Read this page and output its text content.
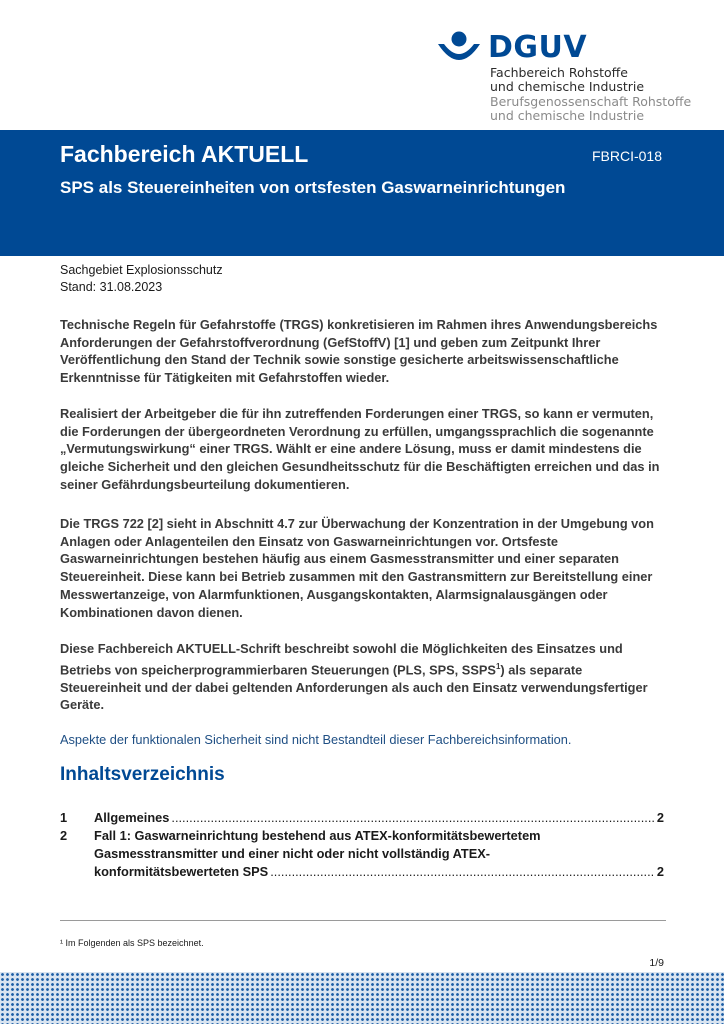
DGUV
Fachbereich Rohstoffe
und chemische Industrie
Berufsgenossenschaft Rohstoffe
und chemische Industrie
Fachbereich AKTUELL	FBRCI-018
SPS als Steuereinheiten von ortsfesten Gaswarneinrichtungen
Sachgebiet Explosionsschutz
Stand: 31.08.2023

Technische Regeln für Gefahrstoffe (TRGS) konkretisieren im Rahmen ihres Anwendungsbereichs Anforderungen der Gefahrstoffverordnung (GefStoffV) [1] und geben zum Zeitpunkt Ihrer Veröffentlichung den Stand der Technik sowie sonstige gesicherte arbeitswissenschaftliche Erkenntnisse für Tätigkeiten mit Gefahrstoffen wieder.

Realisiert der Arbeitgeber die für ihn zutreffenden Forderungen einer TRGS, so kann er vermuten, die Forderungen der übergeordneten Verordnung zu erfüllen, umgangssprachlich die sogenannte „Vermutungswirkung“ einer TRGS. Wählt er eine andere Lösung, muss er damit mindestens die gleiche Sicherheit und den gleichen Gesundheitsschutz für die Beschäftigten erreichen und das in seiner Gefährdungsbeurteilung dokumentieren.

Die TRGS 722 [2] sieht in Abschnitt 4.7 zur Überwachung der Konzentration in der Umgebung von Anlagen oder Anlagenteilen den Einsatz von Gaswarneinrichtungen vor. Ortsfeste Gaswarneinrichtungen bestehen häufig aus einem Gasmesstransmitter und einer separaten Steuereinheit. Diese kann bei Betrieb zusammen mit den Gastransmittern zur Bereitstellung einer Messwertanzeige, von Alarmfunktionen, Ausgangskontakten, Alarmsignalausgängen oder Kombinationen davon dienen.

Diese Fachbereich AKTUELL-Schrift beschreibt sowohl die Möglichkeiten des Einsatzes und Betriebs von speicherprogrammierbaren Steuerungen (PLS, SPS, SSPS$^1$) als separate Steuereinheit und der dabei geltenden Anforderungen als auch den Einsatz verwendungsfertiger Geräte.

Aspekte der funktionalen Sicherheit sind nicht Bestandteil dieser Fachbereichsinformation.
Inhaltsverzeichnis
1 Allgemeines .....	2
2 Fall 1: Gaswarneinrichtung bestehend aus ATEX-konformitätsbewertetem
Gasmesstransmitter und einer nicht oder nicht vollständig ATEX-
konformitätsbewerteten SPS .....	2
¹ Im Folgenden als SPS bezeichnet.
1/9
